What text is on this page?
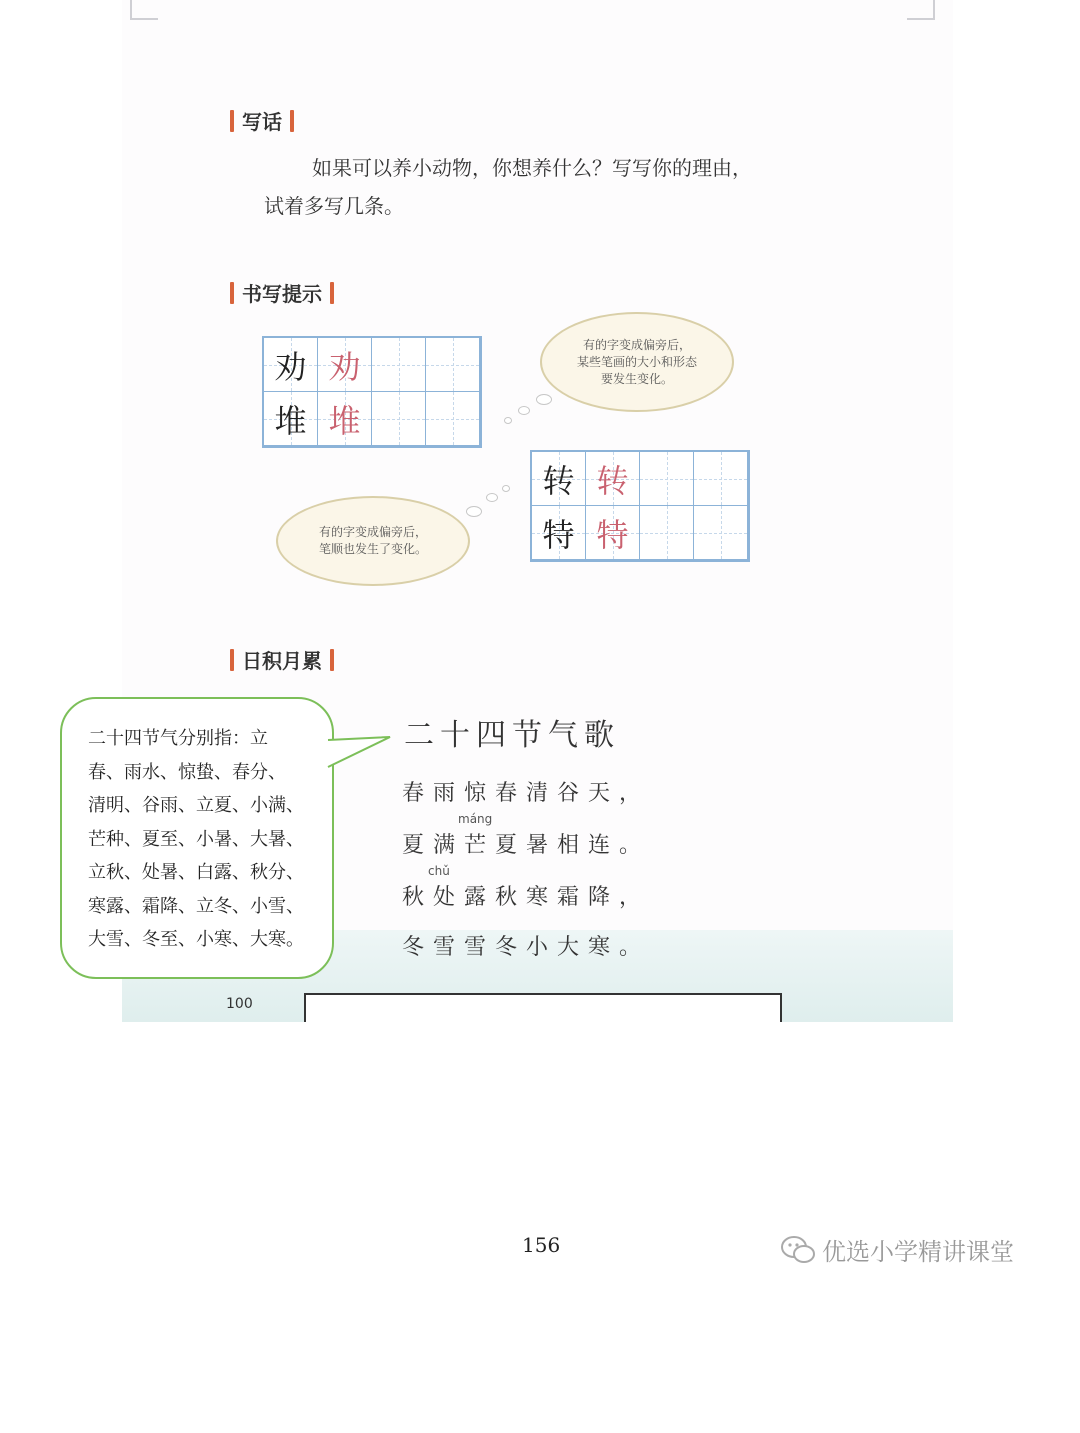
写话
如果可以养小动物，你想养什么？写写你的理由，
试着多写几条。
书写提示
劝 劝
堆 堆
有的字变成偏旁后，
某些笔画的大小和形态
要发生变化。
转 转
特 特
有的字变成偏旁后，
笔顺也发生了变化。
日积月累
二十四节气歌
春雨惊春清谷天，
máng
夏满芒夏暑相连。
chǔ
秋处露秋寒霜降，
冬雪雪冬小大寒。
100
二十四节气分别指：立
春、雨水、惊蛰、春分、
清明、谷雨、立夏、小满、
芒种、夏至、小暑、大暑、
立秋、处暑、白露、秋分、
寒露、霜降、立冬、小雪、
大雪、冬至、小寒、大寒。
156	优选小学精讲课堂
